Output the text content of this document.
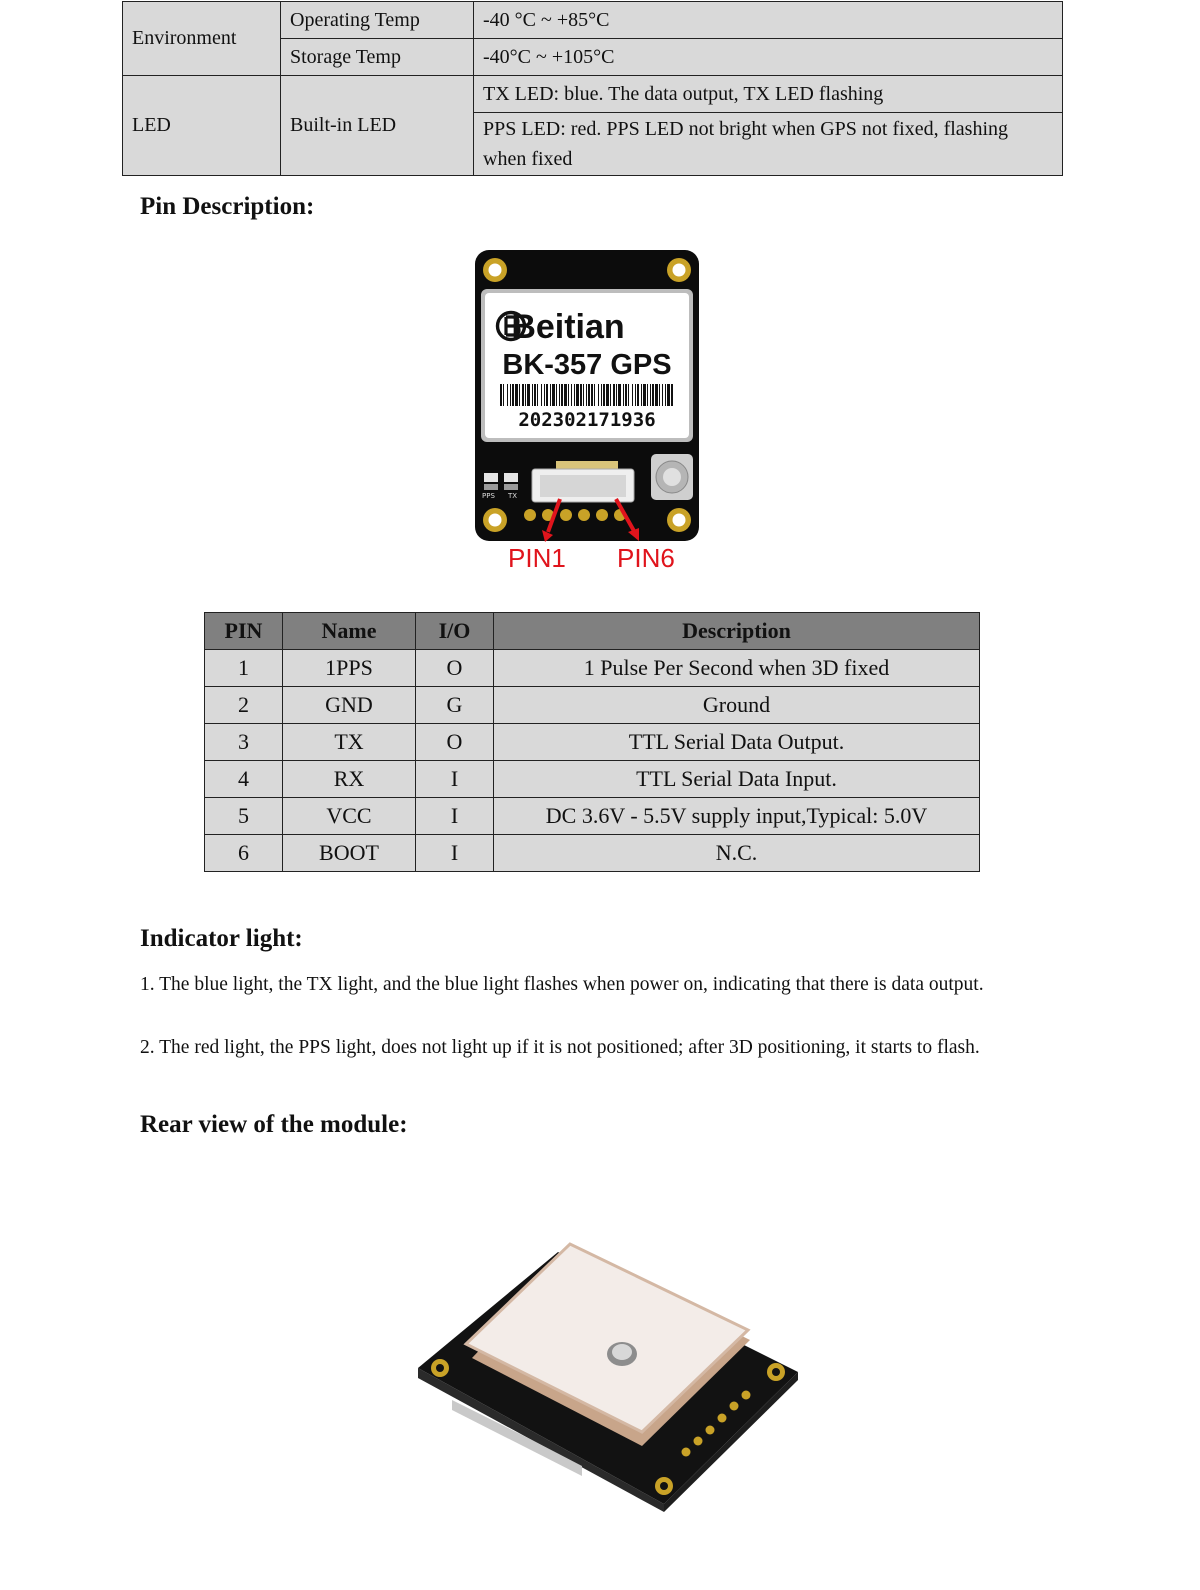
Environment	Operating Temp	-40 °C ~ +85°C
	Storage Temp	-40°C ~ +105°C
LED	Built-in LED	TX LED: blue. The data output, TX LED flashing
		PPS LED: red. PPS LED not bright when GPS not fixed, flashing when fixed
Pin Description:
Beitian
BK-357 GPS
202302171936
PPS TX
PIN1 PIN6
PIN	Name	I/O	Description
1	1PPS	O	1 Pulse Per Second when 3D fixed
2	GND	G	Ground
3	TX	O	TTL Serial Data Output.
4	RX	I	TTL Serial Data Input.
5	VCC	I	DC 3.6V - 5.5V supply input,Typical: 5.0V
6	BOOT	I	N.C.
Indicator light:

1. The blue light, the TX light, and the blue light flashes when power on, indicating that there is data output.

2. The red light, the PPS light, does not light up if it is not positioned; after 3D positioning, it starts to flash.

Rear view of the module:
